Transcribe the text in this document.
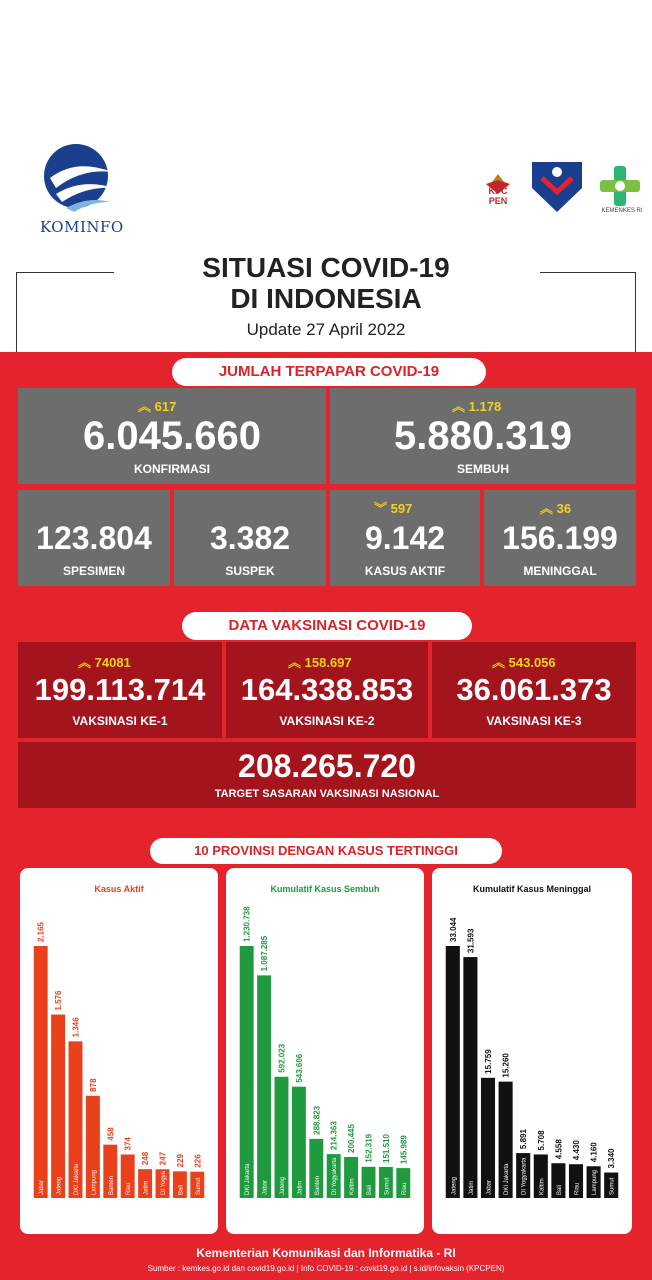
KOMINFO
KPC
PEN
KEMENKES RI
SITUASI COVID-19
DI INDONESIA
Update 27 April 2022
JUMLAH TERPAPAR COVID-19
︽ 617
6.045.660
KONFIRMASI
︽ 1.178
5.880.319
SEMBUH
123.804
SPESIMEN
3.382
SUSPEK
︾ 597
9.142
KASUS AKTIF
︽ 36
156.199
MENINGGAL
DATA VAKSINASI COVID-19
︽ 74081
199.113.714
VAKSINASI KE-1
︽ 158.697
164.338.853
VAKSINASI KE-2
︽ 543.056
36.061.373
VAKSINASI KE-3
208.265.720
TARGET SASARAN VAKSINASI NASIONAL
10 PROVINSI DENGAN KASUS TERTINGGI
Kasus Aktif
2.165
Jabar
1.576
Jateng
1.346
DKI Jakarta
878
Lampung
458
Banten
374
Riau
248
Jatim
247
DI Yogya
229
Bali
226
Sumut
Kumulatif Kasus Sembuh
1.230.738
DKI Jakarta
1.087.285
Jabar
592.023
Jateng
543.606
Jatim
288.823
Banten
214.363
DI Yogyakarta
200.445
Kaltim
152.319
Bali
151.510
Sumut
145.989
Riau
Kumulatif Kasus Meninggal
33.044
Jateng
31.593
Jatim
15.759
Jabar
15.260
DKI Jakarta
5.891
DI Yogyakarta
5.708
Kaltim
4.558
Bali
4.430
Riau
4.160
Lampung
3.340
Sumut
Kementerian Komunikasi dan Informatika - RI
Sumber : kemkes.go.id dan covid19.go.id | Info COVID-19 : covid19.go.id | s.id/infovaksin (KPCPEN)
